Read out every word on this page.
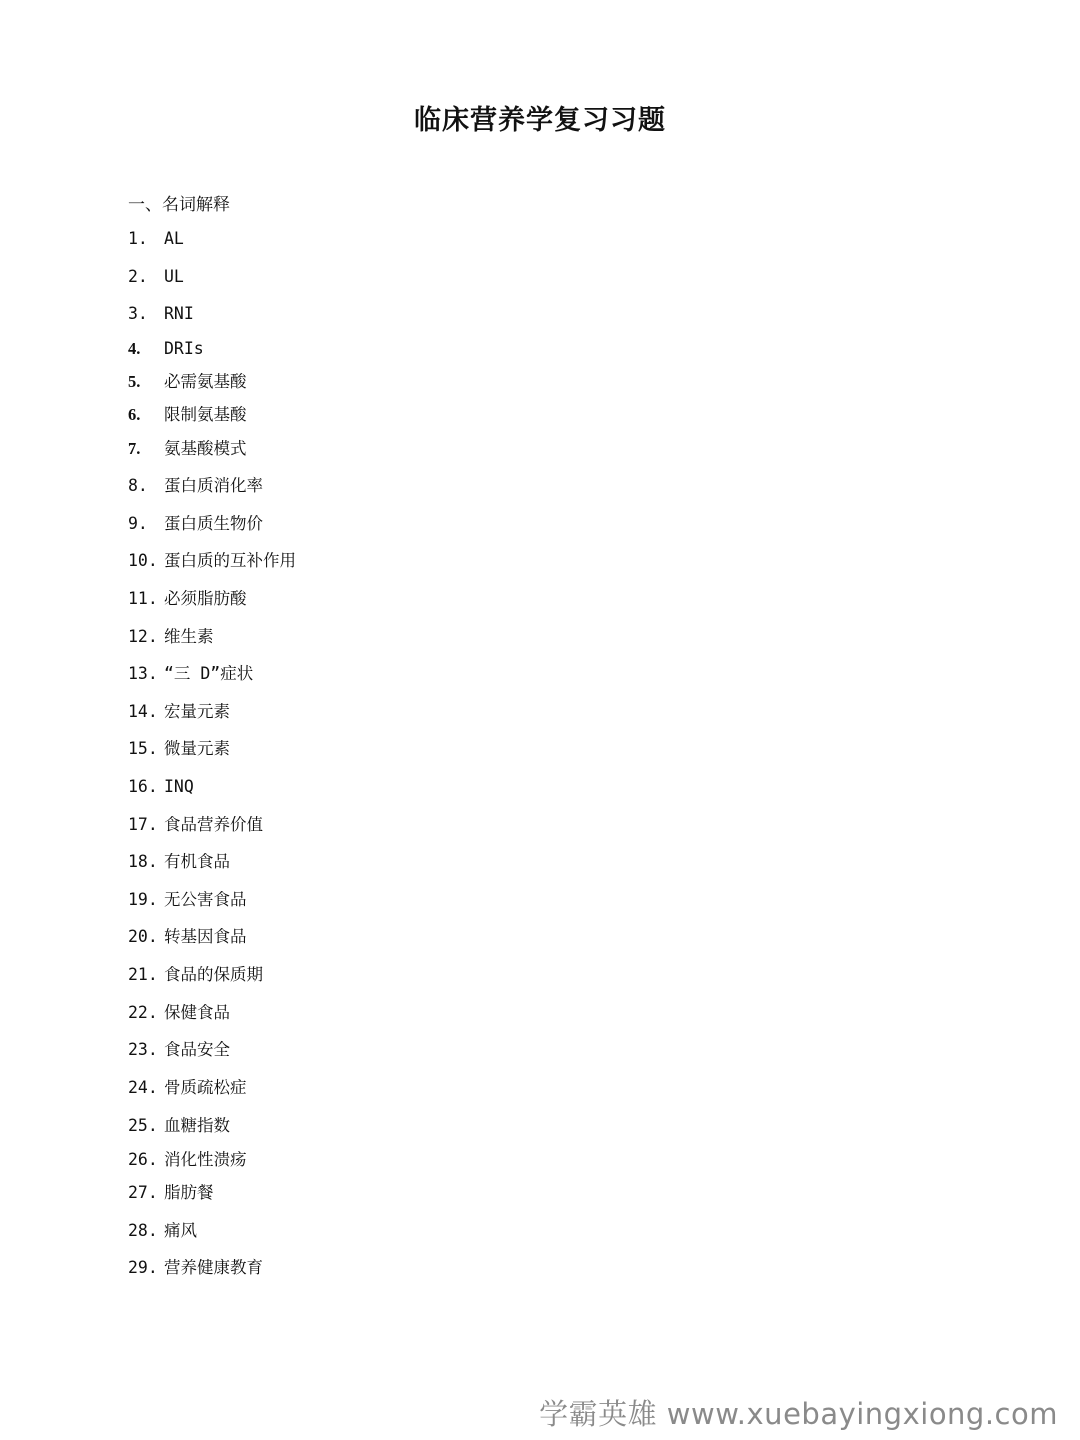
临床营养学复习习题
一、名词解释
1. AL
2. UL
3. RNI
4. DRIs
5. 必需氨基酸
6. 限制氨基酸
7. 氨基酸模式
8. 蛋白质消化率
9. 蛋白质生物价
10. 蛋白质的互补作用
11. 必须脂肪酸
12. 维生素
13. “三 D”症状
14. 宏量元素
15. 微量元素
16. INQ
17. 食品营养价值
18. 有机食品
19. 无公害食品
20. 转基因食品
21. 食品的保质期
22. 保健食品
23. 食品安全
24. 骨质疏松症
25. 血糖指数
26. 消化性溃疡
27. 脂肪餐
28. 痛风
29. 营养健康教育
学霸英雄 www.xuebayingxiong.com
